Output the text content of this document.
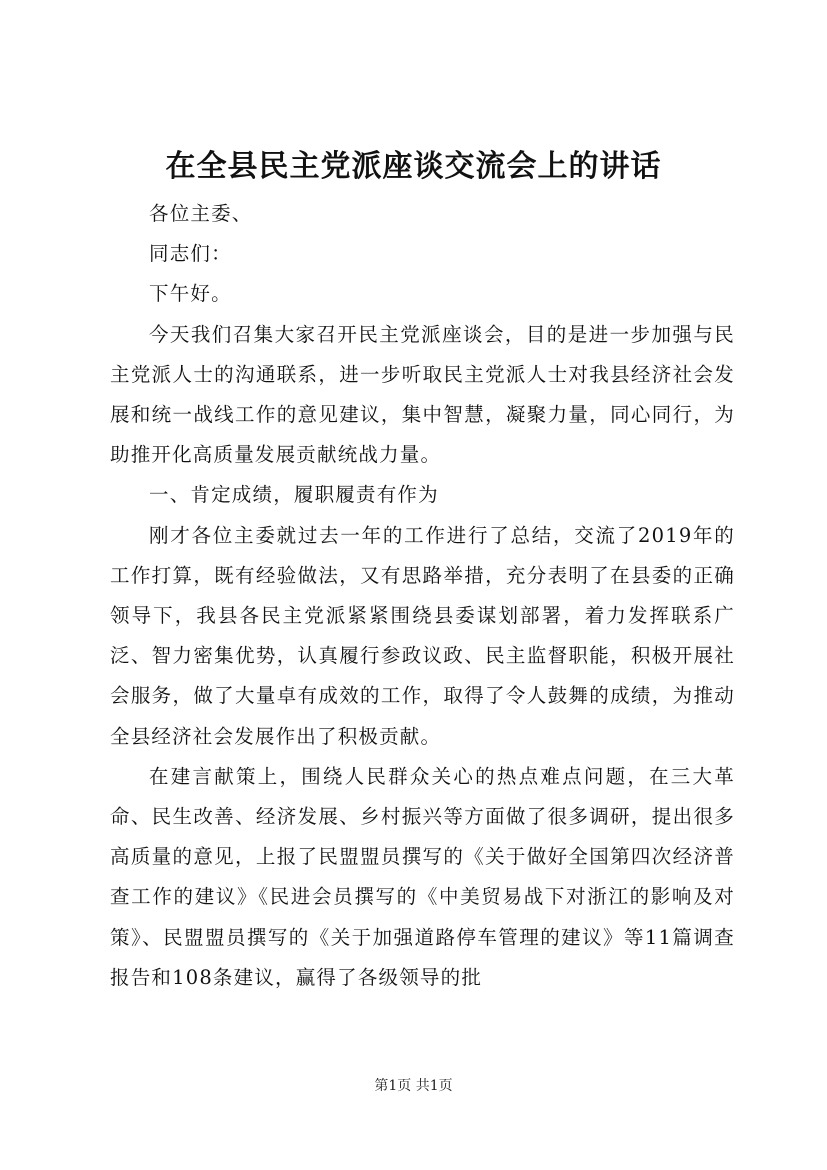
在全县民主党派座谈交流会上的讲话

各位主委、

同志们：

下午好。

今天我们召集大家召开民主党派座谈会，目的是进一步加强与民主党派人士的沟通联系，进一步听取民主党派人士对我县经济社会发展和统一战线工作的意见建议，集中智慧，凝聚力量，同心同行，为助推开化高质量发展贡献统战力量。

一、肯定成绩，履职履责有作为

刚才各位主委就过去一年的工作进行了总结，交流了2019年的工作打算，既有经验做法，又有思路举措，充分表明了在县委的正确领导下，我县各民主党派紧紧围绕县委谋划部署，着力发挥联系广泛、智力密集优势，认真履行参政议政、民主监督职能，积极开展社会服务，做了大量卓有成效的工作，取得了令人鼓舞的成绩，为推动全县经济社会发展作出了积极贡献。

在建言献策上，围绕人民群众关心的热点难点问题，在三大革命、民生改善、经济发展、乡村振兴等方面做了很多调研，提出很多高质量的意见，上报了民盟盟员撰写的《关于做好全国第四次经济普查工作的建议》《民进会员撰写的《中美贸易战下对浙江的影响及对策》、民盟盟员撰写的《关于加强道路停车管理的建议》等11篇调查报告和108条建议，赢得了各级领导的批

第1页 共1页
